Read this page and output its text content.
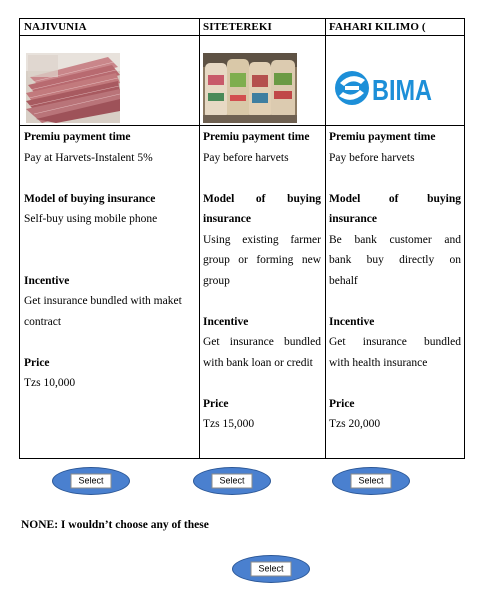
NAJIVUNIA
Premiu payment time
Pay at Harvets-Instalent 5%
Model of buying insurance
Self-buy using mobile phone
Incentive
Get insurance bundled with maket
contract
Price
Tzs 10,000
SITETEREKI
Premiu payment time
Pay before harvets
Model of buying
insurance
Using existing farmer
group or forming new
group
Incentive
Get insurance bundled
with bank loan or credit
Price
Tzs 15,000
FAHARI KILIMO (
BIMA
Premiu payment time
Pay before harvets
Model of buying
insurance
Be bank customer and
bank buy directly on
behalf
Incentive
Get insurance bundled
with health insurance
Price
Tzs 20,000
Select	Select	Select
NONE: I wouldn’t choose any of these
Select
